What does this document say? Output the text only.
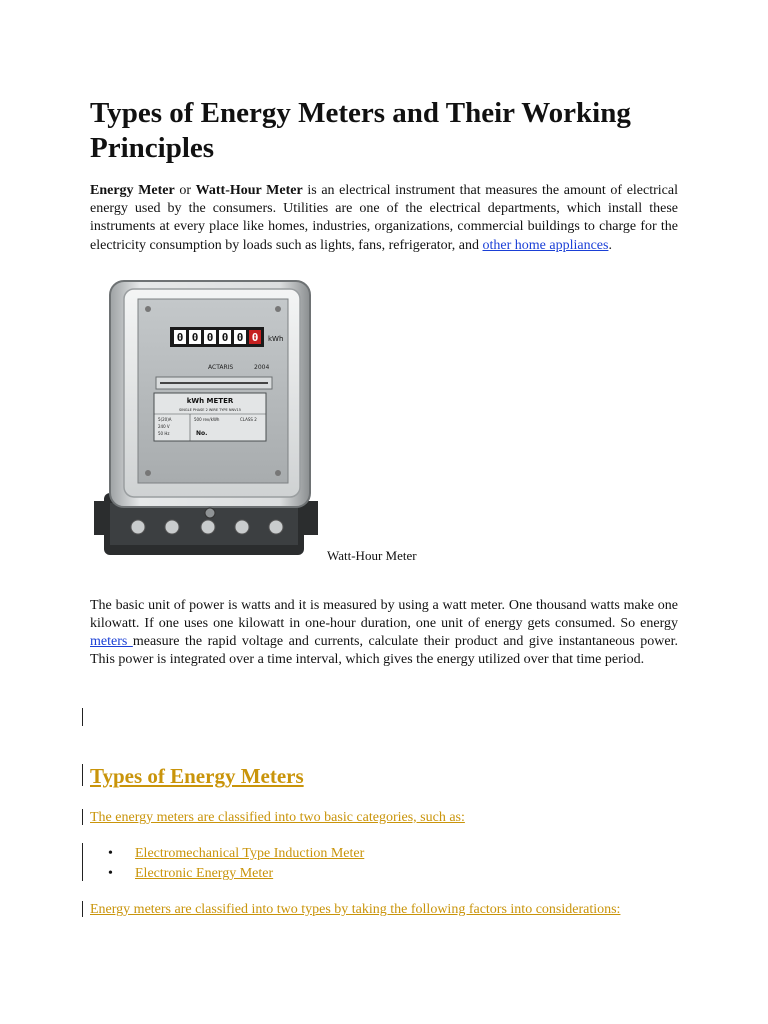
Types of Energy Meters and Their Working Principles

Energy Meter or Watt-Hour Meter is an electrical instrument that measures the amount of electrical energy used by the consumers. Utilities are one of the electrical departments, which install these instruments at every place like homes, industries, organizations, commercial buildings to charge for the electricity consumption by loads such as lights, fans, refrigerator, and other home appliances.

0 0 0 0 0 0 kWh
ACTARIS	2004
kWh METER
SINGLE PHASE 2 WIRE TYPE NNV15
5(20)A
240 V
50 Hz
500 rev/kWh	CLASS 2
No.
Watt-Hour Meter

The basic unit of power is watts and it is measured by using a watt meter. One thousand watts make one kilowatt. If one uses one kilowatt in one-hour duration, one unit of energy gets consumed. So energy meters measure the rapid voltage and currents, calculate their product and give instantaneous power. This power is integrated over a time interval, which gives the energy utilized over that time period.

Types of Energy Meters
The energy meters are classified into two basic categories, such as:
• Electromechanical Type Induction Meter
• Electronic Energy Meter
Energy meters are classified into two types by taking the following factors into considerations:
